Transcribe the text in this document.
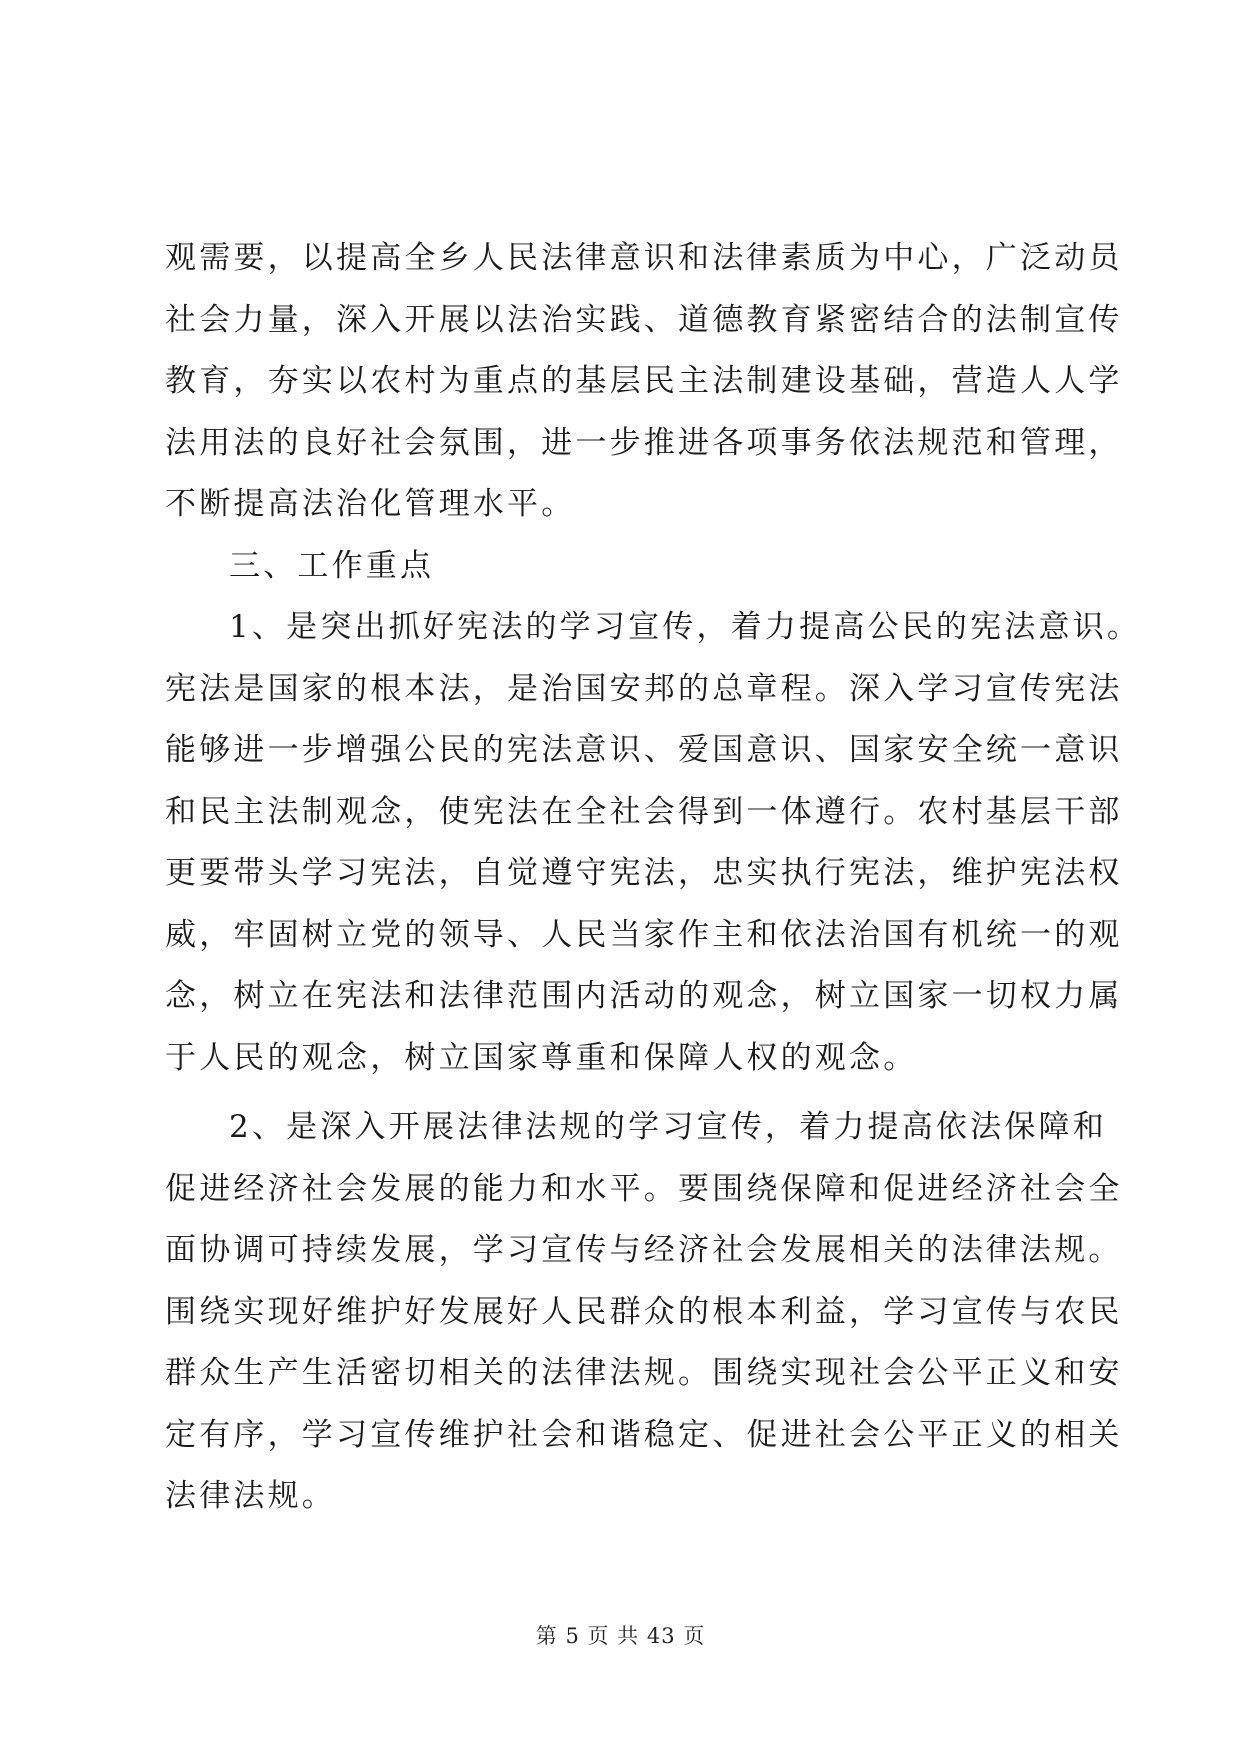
观需要，以提高全乡人民法律意识和法律素质为中心，广泛动员
社会力量，深入开展以法治实践、道德教育紧密结合的法制宣传
教育，夯实以农村为重点的基层民主法制建设基础，营造人人学
法用法的良好社会氛围，进一步推进各项事务依法规范和管理，
不断提高法治化管理水平。
三、工作重点
1、是突出抓好宪法的学习宣传，着力提高公民的宪法意识。
宪法是国家的根本法，是治国安邦的总章程。深入学习宣传宪法
能够进一步增强公民的宪法意识、爱国意识、国家安全统一意识
和民主法制观念，使宪法在全社会得到一体遵行。农村基层干部
更要带头学习宪法，自觉遵守宪法，忠实执行宪法，维护宪法权
威，牢固树立党的领导、人民当家作主和依法治国有机统一的观
念，树立在宪法和法律范围内活动的观念，树立国家一切权力属
于人民的观念，树立国家尊重和保障人权的观念。
2、是深入开展法律法规的学习宣传，着力提高依法保障和
促进经济社会发展的能力和水平。要围绕保障和促进经济社会全
面协调可持续发展，学习宣传与经济社会发展相关的法律法规。
围绕实现好维护好发展好人民群众的根本利益，学习宣传与农民
群众生产生活密切相关的法律法规。围绕实现社会公平正义和安
定有序，学习宣传维护社会和谐稳定、促进社会公平正义的相关
法律法规。
第 5 页 共 43 页
